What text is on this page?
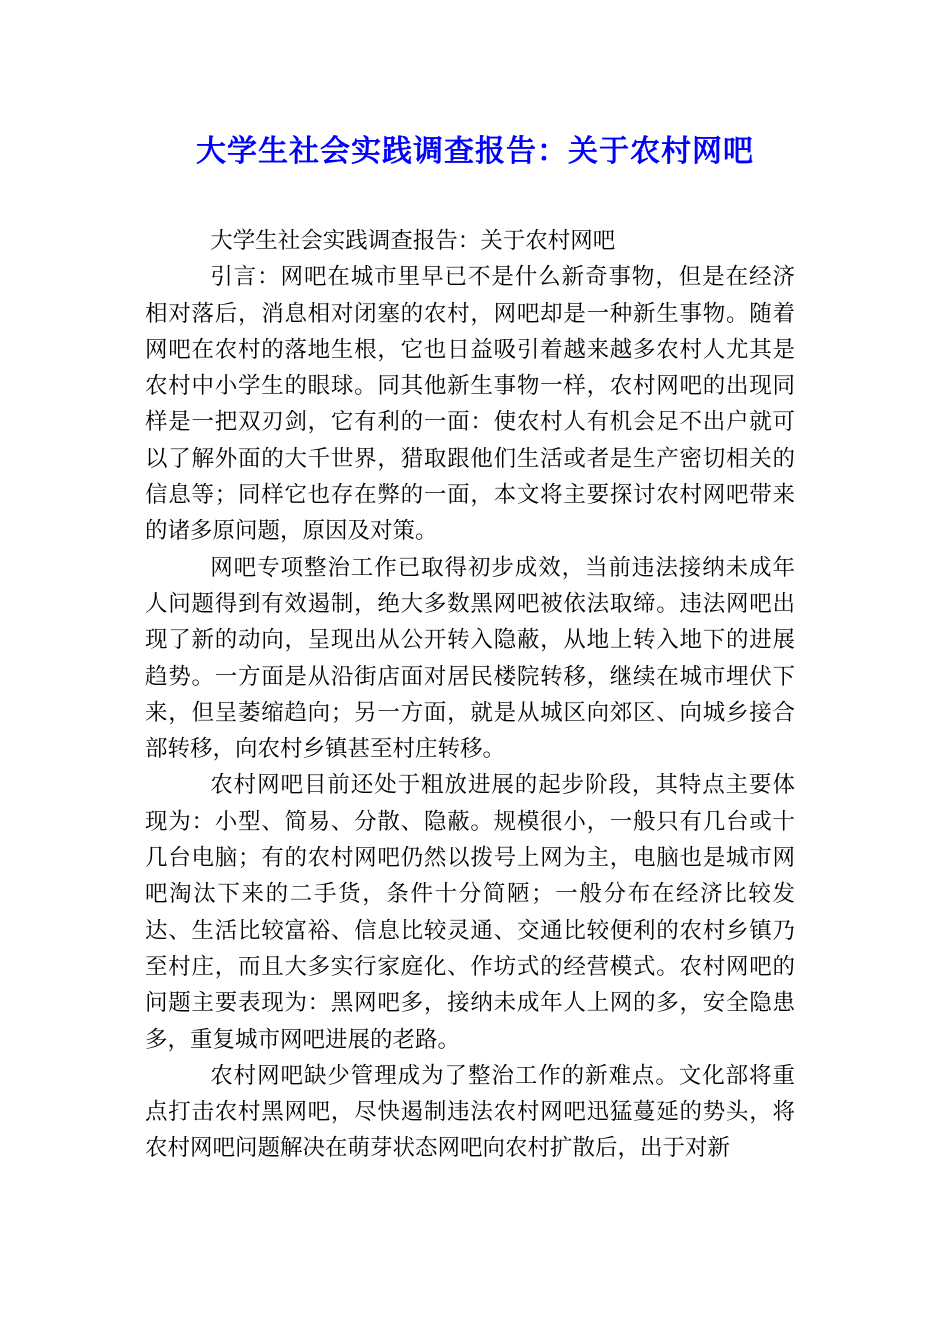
大学生社会实践调查报告：关于农村网吧

大学生社会实践调查报告：关于农村网吧

引言：网吧在城市里早已不是什么新奇事物，但是在经济相对落后，消息相对闭塞的农村，网吧却是一种新生事物。随着网吧在农村的落地生根，它也日益吸引着越来越多农村人尤其是农村中小学生的眼球。同其他新生事物一样，农村网吧的出现同样是一把双刃剑，它有利的一面：使农村人有机会足不出户就可以了解外面的大千世界，猎取跟他们生活或者是生产密切相关的信息等；同样它也存在弊的一面，本文将主要探讨农村网吧带来的诸多原问题，原因及对策。

网吧专项整治工作已取得初步成效，当前违法接纳未成年人问题得到有效遏制，绝大多数黑网吧被依法取缔。违法网吧出现了新的动向，呈现出从公开转入隐蔽，从地上转入地下的进展趋势。一方面是从沿街店面对居民楼院转移，继续在城市埋伏下来，但呈萎缩趋向；另一方面，就是从城区向郊区、向城乡接合部转移，向农村乡镇甚至村庄转移。

农村网吧目前还处于粗放进展的起步阶段，其特点主要体现为：小型、简易、分散、隐蔽。规模很小，一般只有几台或十几台电脑；有的农村网吧仍然以拨号上网为主，电脑也是城市网吧淘汰下来的二手货，条件十分简陋；一般分布在经济比较发达、生活比较富裕、信息比较灵通、交通比较便利的农村乡镇乃至村庄，而且大多实行家庭化、作坊式的经营模式。农村网吧的问题主要表现为：黑网吧多，接纳未成年人上网的多，安全隐患多，重复城市网吧进展的老路。

农村网吧缺少管理成为了整治工作的新难点。文化部将重点打击农村黑网吧，尽快遏制违法农村网吧迅猛蔓延的势头，将农村网吧问题解决在萌芽状态网吧向农村扩散后，出于对新
